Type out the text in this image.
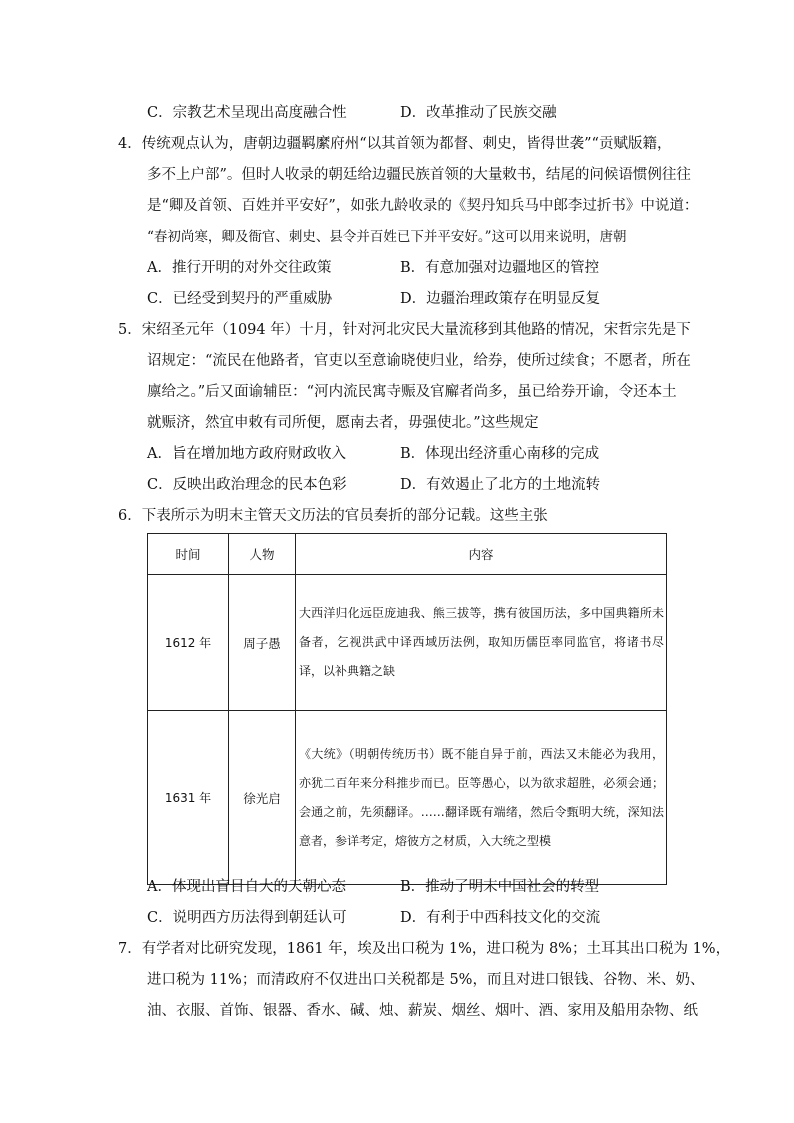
C．宗教艺术呈现出高度融合性	D．改革推动了民族交融
4．传统观点认为，唐朝边疆羁縻府州“以其首领为都督、刺史，皆得世袭”“贡赋版籍，
多不上户部”。但时人收录的朝廷给边疆民族首领的大量敕书，结尾的问候语惯例往往
是“卿及首领、百姓并平安好”，如张九龄收录的《契丹知兵马中郎李过折书》中说道：
“春初尚寒，卿及衙官、刺史、县令并百姓已下并平安好。”这可以用来说明，唐朝
A．推行开明的对外交往政策	B．有意加强对边疆地区的管控
C．已经受到契丹的严重威胁	D．边疆治理政策存在明显反复
5．宋绍圣元年（1094 年）十月，针对河北灾民大量流移到其他路的情况，宋哲宗先是下
诏规定：“流民在他路者，官吏以至意谕晓使归业，给券，使所过续食；不愿者，所在
廪给之。”后又面谕辅臣：“河内流民寓寺赈及官廨者尚多，虽已给券开谕，令还本土
就赈济，然宜申敕有司所便，愿南去者，毋强使北。”这些规定
A．旨在增加地方政府财政收入	B．体现出经济重心南移的完成
C．反映出政治理念的民本色彩	D．有效遏止了北方的土地流转
6．下表所示为明末主管天文历法的官员奏折的部分记载。这些主张
时间	人物	内容
1612 年	周子愚	大西洋归化远臣庞迪我、熊三拔等，携有彼国历法，多中国典籍所未备者，乞视洪武中译西域历法例，取知历儒臣率同监官，将诸书尽译，以补典籍之缺
1631 年	徐光启	《大统》（明朝传统历书）既不能自异于前，西法又未能必为我用，亦犹二百年来分科推步而已。臣等愚心，以为欲求超胜，必须会通；会通之前，先须翻译。……翻译既有端绪，然后令甄明大统，深知法意者，参详考定，熔彼方之材质，入大统之型模
A．体现出盲目自大的天朝心态	B．推动了明末中国社会的转型
C．说明西方历法得到朝廷认可	D．有利于中西科技文化的交流
7．有学者对比研究发现，1861 年，埃及出口税为 1%，进口税为 8%；土耳其出口税为 1%，
进口税为 11%；而清政府不仅进出口关税都是 5%，而且对进口银钱、谷物、米、奶、
油、衣服、首饰、银器、香水、碱、烛、薪炭、烟丝、烟叶、酒、家用及船用杂物、纸
